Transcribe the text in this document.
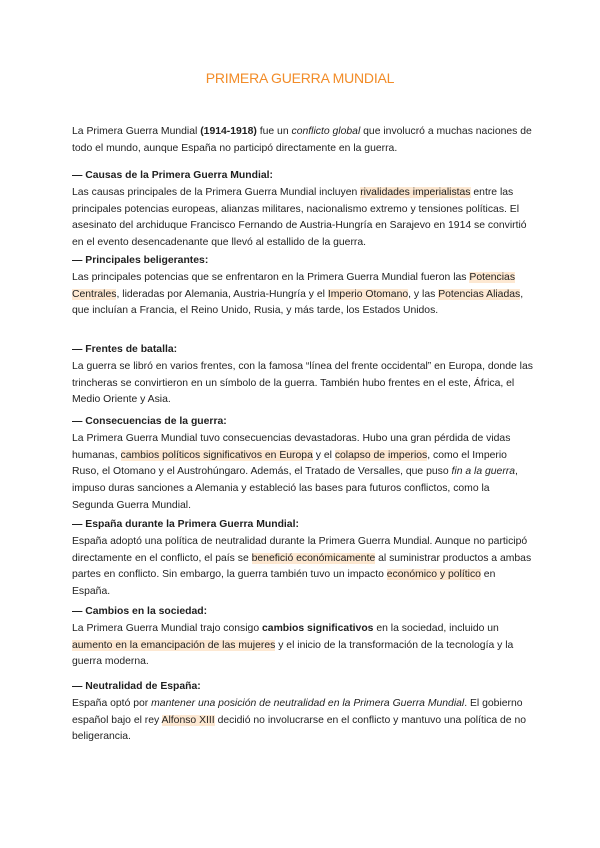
PRIMERA GUERRA MUNDIAL

La Primera Guerra Mundial (1914-1918) fue un conflicto global que involucró a muchas naciones de todo el mundo, aunque España no participó directamente en la guerra.

— Causas de la Primera Guerra Mundial:

Las causas principales de la Primera Guerra Mundial incluyen rivalidades imperialistas entre las principales potencias europeas, alianzas militares, nacionalismo extremo y tensiones políticas. El asesinato del archiduque Francisco Fernando de Austria-Hungría en Sarajevo en 1914 se convirtió en el evento desencadenante que llevó al estallido de la guerra.

— Principales beligerantes:

Las principales potencias que se enfrentaron en la Primera Guerra Mundial fueron las Potencias Centrales, lideradas por Alemania, Austria-Hungría y el Imperio Otomano, y las Potencias Aliadas, que incluían a Francia, el Reino Unido, Rusia, y más tarde, los Estados Unidos.

— Frentes de batalla:

La guerra se libró en varios frentes, con la famosa “línea del frente occidental” en Europa, donde las trincheras se convirtieron en un símbolo de la guerra. También hubo frentes en el este, África, el Medio Oriente y Asia.

— Consecuencias de la guerra:

La Primera Guerra Mundial tuvo consecuencias devastadoras. Hubo una gran pérdida de vidas humanas, cambios políticos significativos en Europa y el colapso de imperios, como el Imperio Ruso, el Otomano y el Austrohúngaro. Además, el Tratado de Versalles, que puso fin a la guerra, impuso duras sanciones a Alemania y estableció las bases para futuros conflictos, como la Segunda Guerra Mundial.

— España durante la Primera Guerra Mundial:

España adoptó una política de neutralidad durante la Primera Guerra Mundial. Aunque no participó directamente en el conflicto, el país se benefició económicamente al suministrar productos a ambas partes en conflicto. Sin embargo, la guerra también tuvo un impacto económico y político en España.

— Cambios en la sociedad:

La Primera Guerra Mundial trajo consigo cambios significativos en la sociedad, incluido un aumento en la emancipación de las mujeres y el inicio de la transformación de la tecnología y la guerra moderna.

— Neutralidad de España:

España optó por mantener una posición de neutralidad en la Primera Guerra Mundial. El gobierno español bajo el rey Alfonso XIII decidió no involucrarse en el conflicto y mantuvo una política de no beligerancia.
